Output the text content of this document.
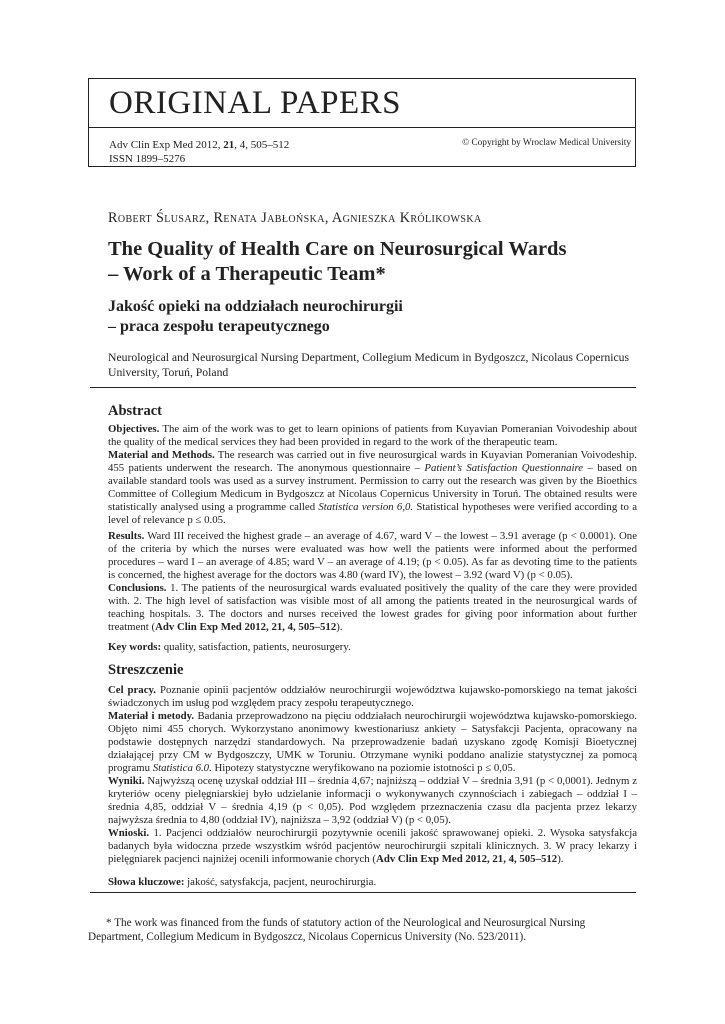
ORIGINAL PAPERS
Adv Clin Exp Med 2012, 21, 4, 505–512
ISSN 1899–5276
© Copyright by Wroclaw Medical University
Robert Ślusarz, Renata Jabłońska, Agnieszka Królikowska
The Quality of Health Care on Neurosurgical Wards
– Work of a Therapeutic Team*
Jakość opieki na oddziałach neurochirurgii
– praca zespołu terapeutycznego
Neurological and Neurosurgical Nursing Department, Collegium Medicum in Bydgoszcz, Nicolaus Copernicus University, Toruń, Poland
Abstract
Objectives. The aim of the work was to get to learn opinions of patients from Kuyavian Pomeranian Voivodeship about the quality of the medical services they had been provided in regard to the work of the therapeutic team.
Material and Methods. The research was carried out in five neurosurgical wards in Kuyavian Pomeranian Voivodeship. 455 patients underwent the research. The anonymous questionnaire – Patient’s Satisfaction Questionnaire – based on available standard tools was used as a survey instrument. Permission to carry out the research was given by the Bioethics Committee of Collegium Medicum in Bydgoszcz at Nicolaus Copernicus University in Toruń. The obtained results were statistically analysed using a programme called Statistica version 6,0. Statistical hypotheses were verified according to a level of relevance p ≤ 0.05.
Results. Ward III received the highest grade – an average of 4.67, ward V – the lowest – 3.91 average (p < 0.0001). One of the criteria by which the nurses were evaluated was how well the patients were informed about the performed procedures – ward I – an average of 4.85; ward V – an average of 4.19; (p < 0.05). As far as devoting time to the patients is concerned, the highest average for the doctors was 4.80 (ward IV), the lowest – 3.92 (ward V) (p < 0.05).
Conclusions. 1. The patients of the neurosurgical wards evaluated positively the quality of the care they were provided with. 2. The high level of satisfaction was visible most of all among the patients treated in the neurosurgical wards of teaching hospitals. 3. The doctors and nurses received the lowest grades for giving poor information about further treatment (Adv Clin Exp Med 2012, 21, 4, 505–512).
Key words: quality, satisfaction, patients, neurosurgery.
Streszczenie
Cel pracy. Poznanie opinii pacjentów oddziałów neurochirurgii województwa kujawsko-pomorskiego na temat jakości świadczonych im usług pod względem pracy zespołu terapeutycznego.
Materiał i metody. Badania przeprowadzono na pięciu oddziałach neurochirurgii województwa kujawsko-pomorskiego. Objęto nimi 455 chorych. Wykorzystano anonimowy kwestionariusz ankiety – Satysfakcji Pacjenta, opracowany na podstawie dostępnych narzędzi standardowych. Na przeprowadzenie badań uzyskano zgodę Komisji Bioetycznej działającej przy CM w Bydgoszczy, UMK w Toruniu. Otrzymane wyniki poddano analizie statystycznej za pomocą programu Statistica 6.0. Hipotezy statystyczne weryfikowano na poziomie istotności p ≤ 0,05.
Wyniki. Najwyższą ocenę uzyskał oddział III – średnia 4,67; najniższą – oddział V – średnia 3,91 (p < 0,0001). Jednym z kryteriów oceny pielęgniarskiej było udzielanie informacji o wykonywanych czynnościach i zabiegach – oddział I – średnia 4,85, oddział V – średnia 4,19 (p < 0,05). Pod względem przeznaczenia czasu dla pacjenta przez lekarzy najwyższa średnia to 4,80 (oddział IV), najniższa – 3,92 (oddział V) (p < 0,05).
Wnioski. 1. Pacjenci oddziałów neurochirurgii pozytywnie ocenili jakość sprawowanej opieki. 2. Wysoka satysfakcja badanych była widoczna przede wszystkim wśród pacjentów neurochirurgii szpitali klinicznych. 3. W pracy lekarzy i pielęgniarek pacjenci najniżej ocenili informowanie chorych (Adv Clin Exp Med 2012, 21, 4, 505–512).
Słowa kluczowe: jakość, satysfakcja, pacjent, neurochirurgia.
* The work was financed from the funds of statutory action of the Neurological and Neurosurgical Nursing Department, Collegium Medicum in Bydgoszcz, Nicolaus Copernicus University (No. 523/2011).
